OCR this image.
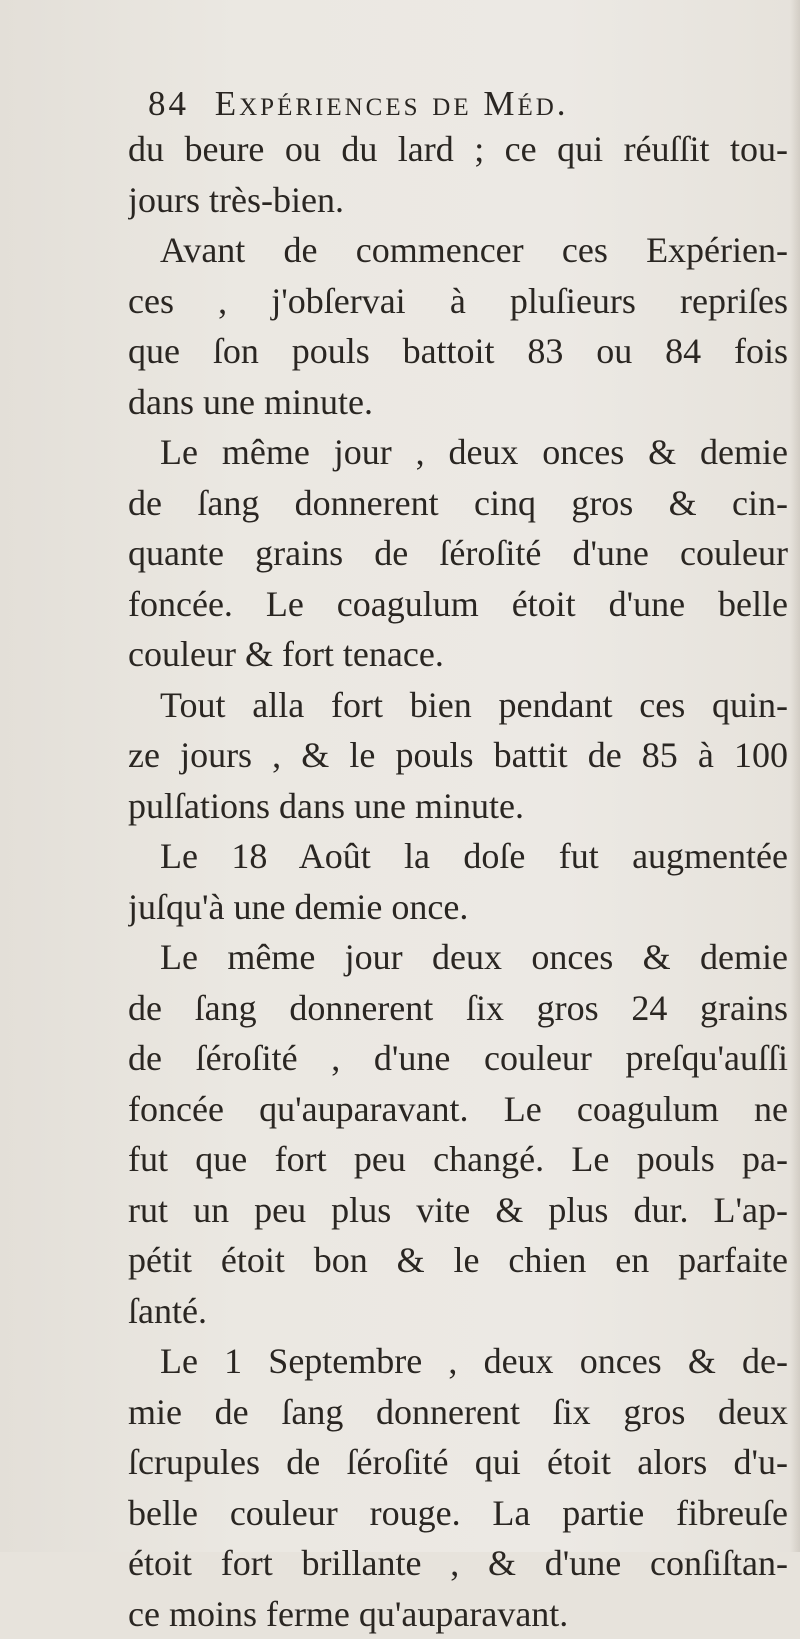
84 Expériences de Méd.
du beure ou du lard ; ce qui réuſſit tou-
jours très-bien.
Avant de commencer ces Expérien-
ces , j'obſervai à pluſieurs repriſes
que ſon pouls battoit 83 ou 84 fois
dans une minute.
Le même jour , deux onces & demie
de ſang donnerent cinq gros & cin-
quante grains de ſéroſité d'une couleur
foncée. Le coagulum étoit d'une belle
couleur & fort tenace.
Tout alla fort bien pendant ces quin-
ze jours , & le pouls battit de 85 à 100
pulſations dans une minute.
Le 18 Août la doſe fut augmentée
juſqu'à une demie once.
Le même jour deux onces & demie
de ſang donnerent ſix gros 24 grains
de ſéroſité , d'une couleur preſqu'auſſi
foncée qu'auparavant. Le coagulum ne
fut que fort peu changé. Le pouls pa-
rut un peu plus vite & plus dur. L'ap-
pétit étoit bon & le chien en parfaite
ſanté.
Le 1 Septembre , deux onces & de-
mie de ſang donnerent ſix gros deux
ſcrupules de ſéroſité qui étoit alors d'u-
belle couleur rouge. La partie fibreuſe
étoit fort brillante , & d'une conſiſtan-
ce moins ferme qu'auparavant.
